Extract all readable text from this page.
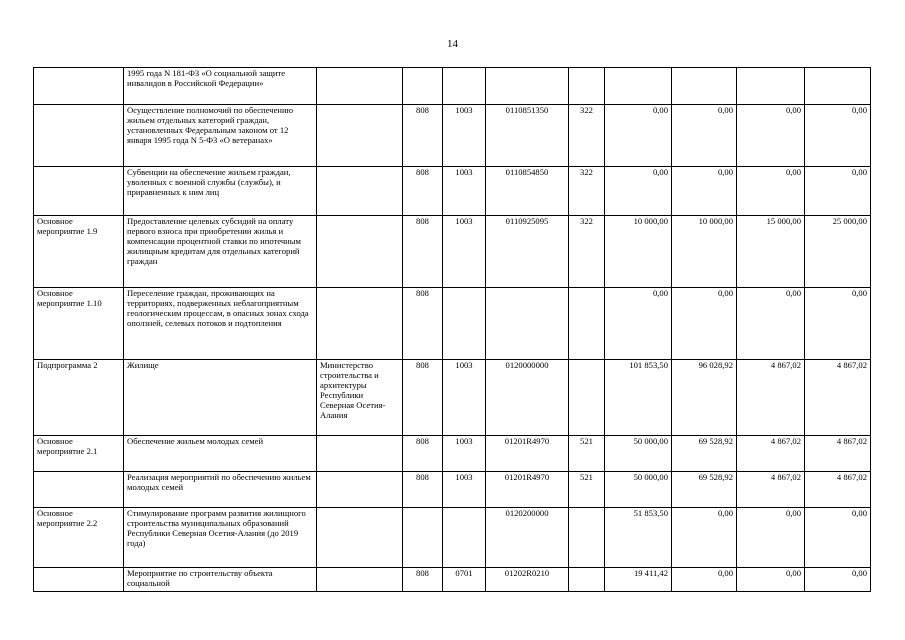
14
	1995 года N 181-ФЗ «О социальной защите инвалидов в Российской Федерации»									
	Осуществление полномочий по обеспечению жильем отдельных категорий граждан, установленных Федеральным законом от 12 января 1995 года N 5-ФЗ «О ветеранах»		808	1003	0110851350	322	0,00	0,00	0,00	0,00
	Субвенции на обеспечение жильем граждан, уволенных с военной службы (службы), и приравненных к ним лиц		808	1003	0110854850	322	0,00	0,00	0,00	0,00
Основное мероприятие 1.9	Предоставление целевых субсидий на оплату первого взноса при приобретении жилья и компенсации процентной ставки по ипотечным жилищным кредитам для отдельных категорий граждан		808	1003	0110925095	322	10 000,00	10 000,00	15 000,00	25 000,00
Основное мероприятие 1.10	Переселение граждан, проживающих на территориях, подверженных неблагоприятным геологическим процессам, в опасных зонах схода оползней, селевых потоков и подтопления		808				0,00	0,00	0,00	0,00
Подпрограмма 2	Жилище	Министерство строительства и архитектуры Республики Северная Осетия-Алания	808	1003	0120000000		101 853,50	96 028,92	4 867,02	4 867,02
Основное мероприятие 2.1	Обеспечение жильем молодых семей		808	1003	01201R4970	521	50 000,00	69 528,92	4 867,02	4 867,02
	Реализация мероприятий по обеспечению жильем молодых семей		808	1003	01201R4970	521	50 000,00	69 528,92	4 867,02	4 867,02
Основное мероприятие 2.2	Стимулирование программ развития жилищного строительства муниципальных образований Республики Северная Осетия-Алания (до 2019 года)				0120200000		51 853,50	0,00	0,00	0,00
	Мероприятие по строительству объекта социальной		808	0701	01202R0210		19 411,42	0,00	0,00	0,00
